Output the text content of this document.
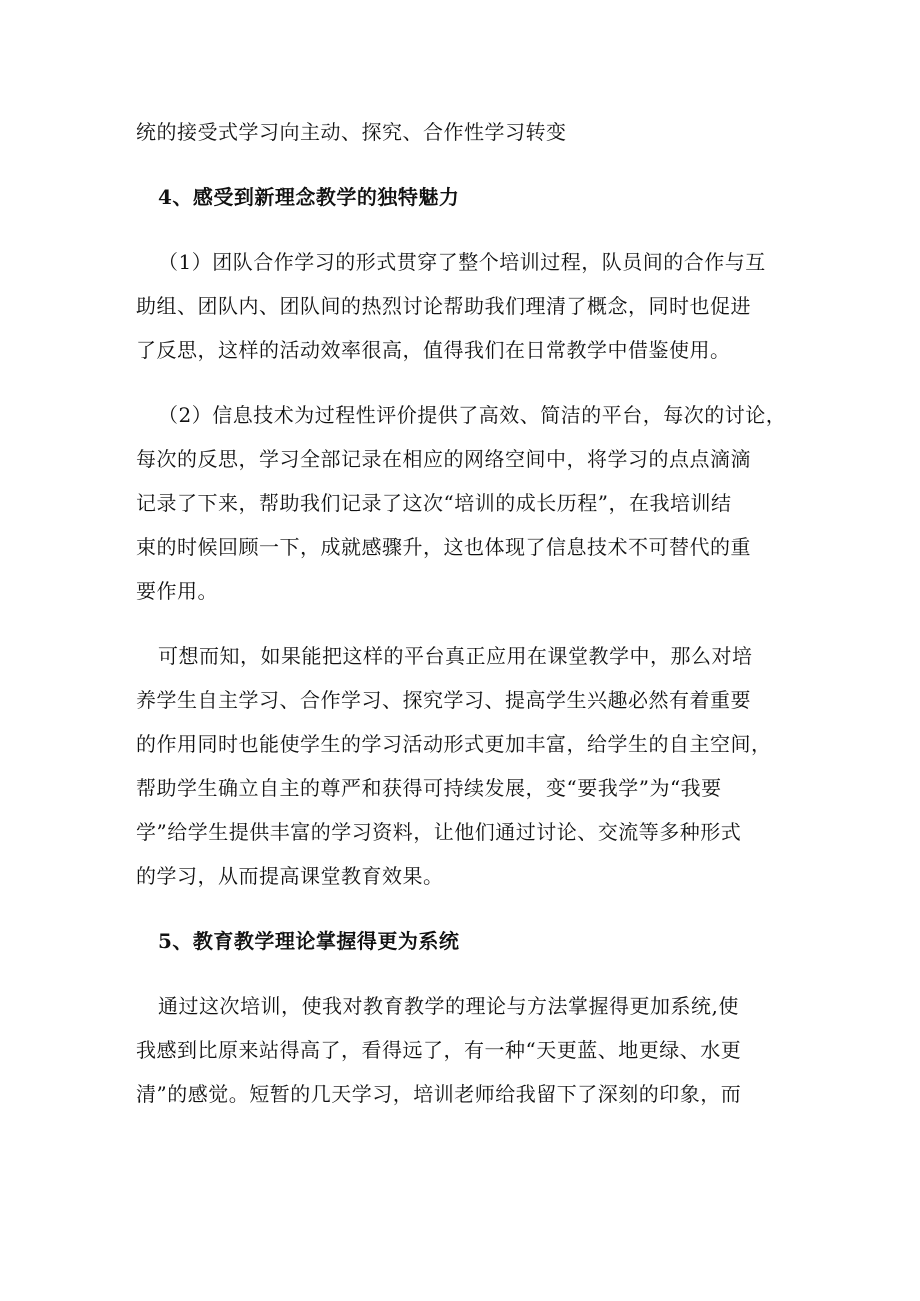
统的接受式学习向主动、探究、合作性学习转变
4、感受到新理念教学的独特魅力
（1）团队合作学习的形式贯穿了整个培训过程，队员间的合作与互
助组、团队内、团队间的热烈讨论帮助我们理清了概念，同时也促进
了反思，这样的活动效率很高，值得我们在日常教学中借鉴使用。
（2）信息技术为过程性评价提供了高效、简洁的平台，每次的讨论，
每次的反思，学习全部记录在相应的网络空间中，将学习的点点滴滴
记录了下来，帮助我们记录了这次“培训的成长历程”，在我培训结
束的时候回顾一下，成就感骤升，这也体现了信息技术不可替代的重
要作用。
可想而知，如果能把这样的平台真正应用在课堂教学中，那么对培
养学生自主学习、合作学习、探究学习、提高学生兴趣必然有着重要
的作用同时也能使学生的学习活动形式更加丰富，给学生的自主空间，
帮助学生确立自主的尊严和获得可持续发展，变“要我学”为“我要
学”给学生提供丰富的学习资料，让他们通过讨论、交流等多种形式
的学习，从而提高课堂教育效果。
5、教育教学理论掌握得更为系统
通过这次培训，使我对教育教学的理论与方法掌握得更加系统,使
我感到比原来站得高了，看得远了，有一种“天更蓝、地更绿、水更
清”的感觉。短暂的几天学习，培训老师给我留下了深刻的印象，而
